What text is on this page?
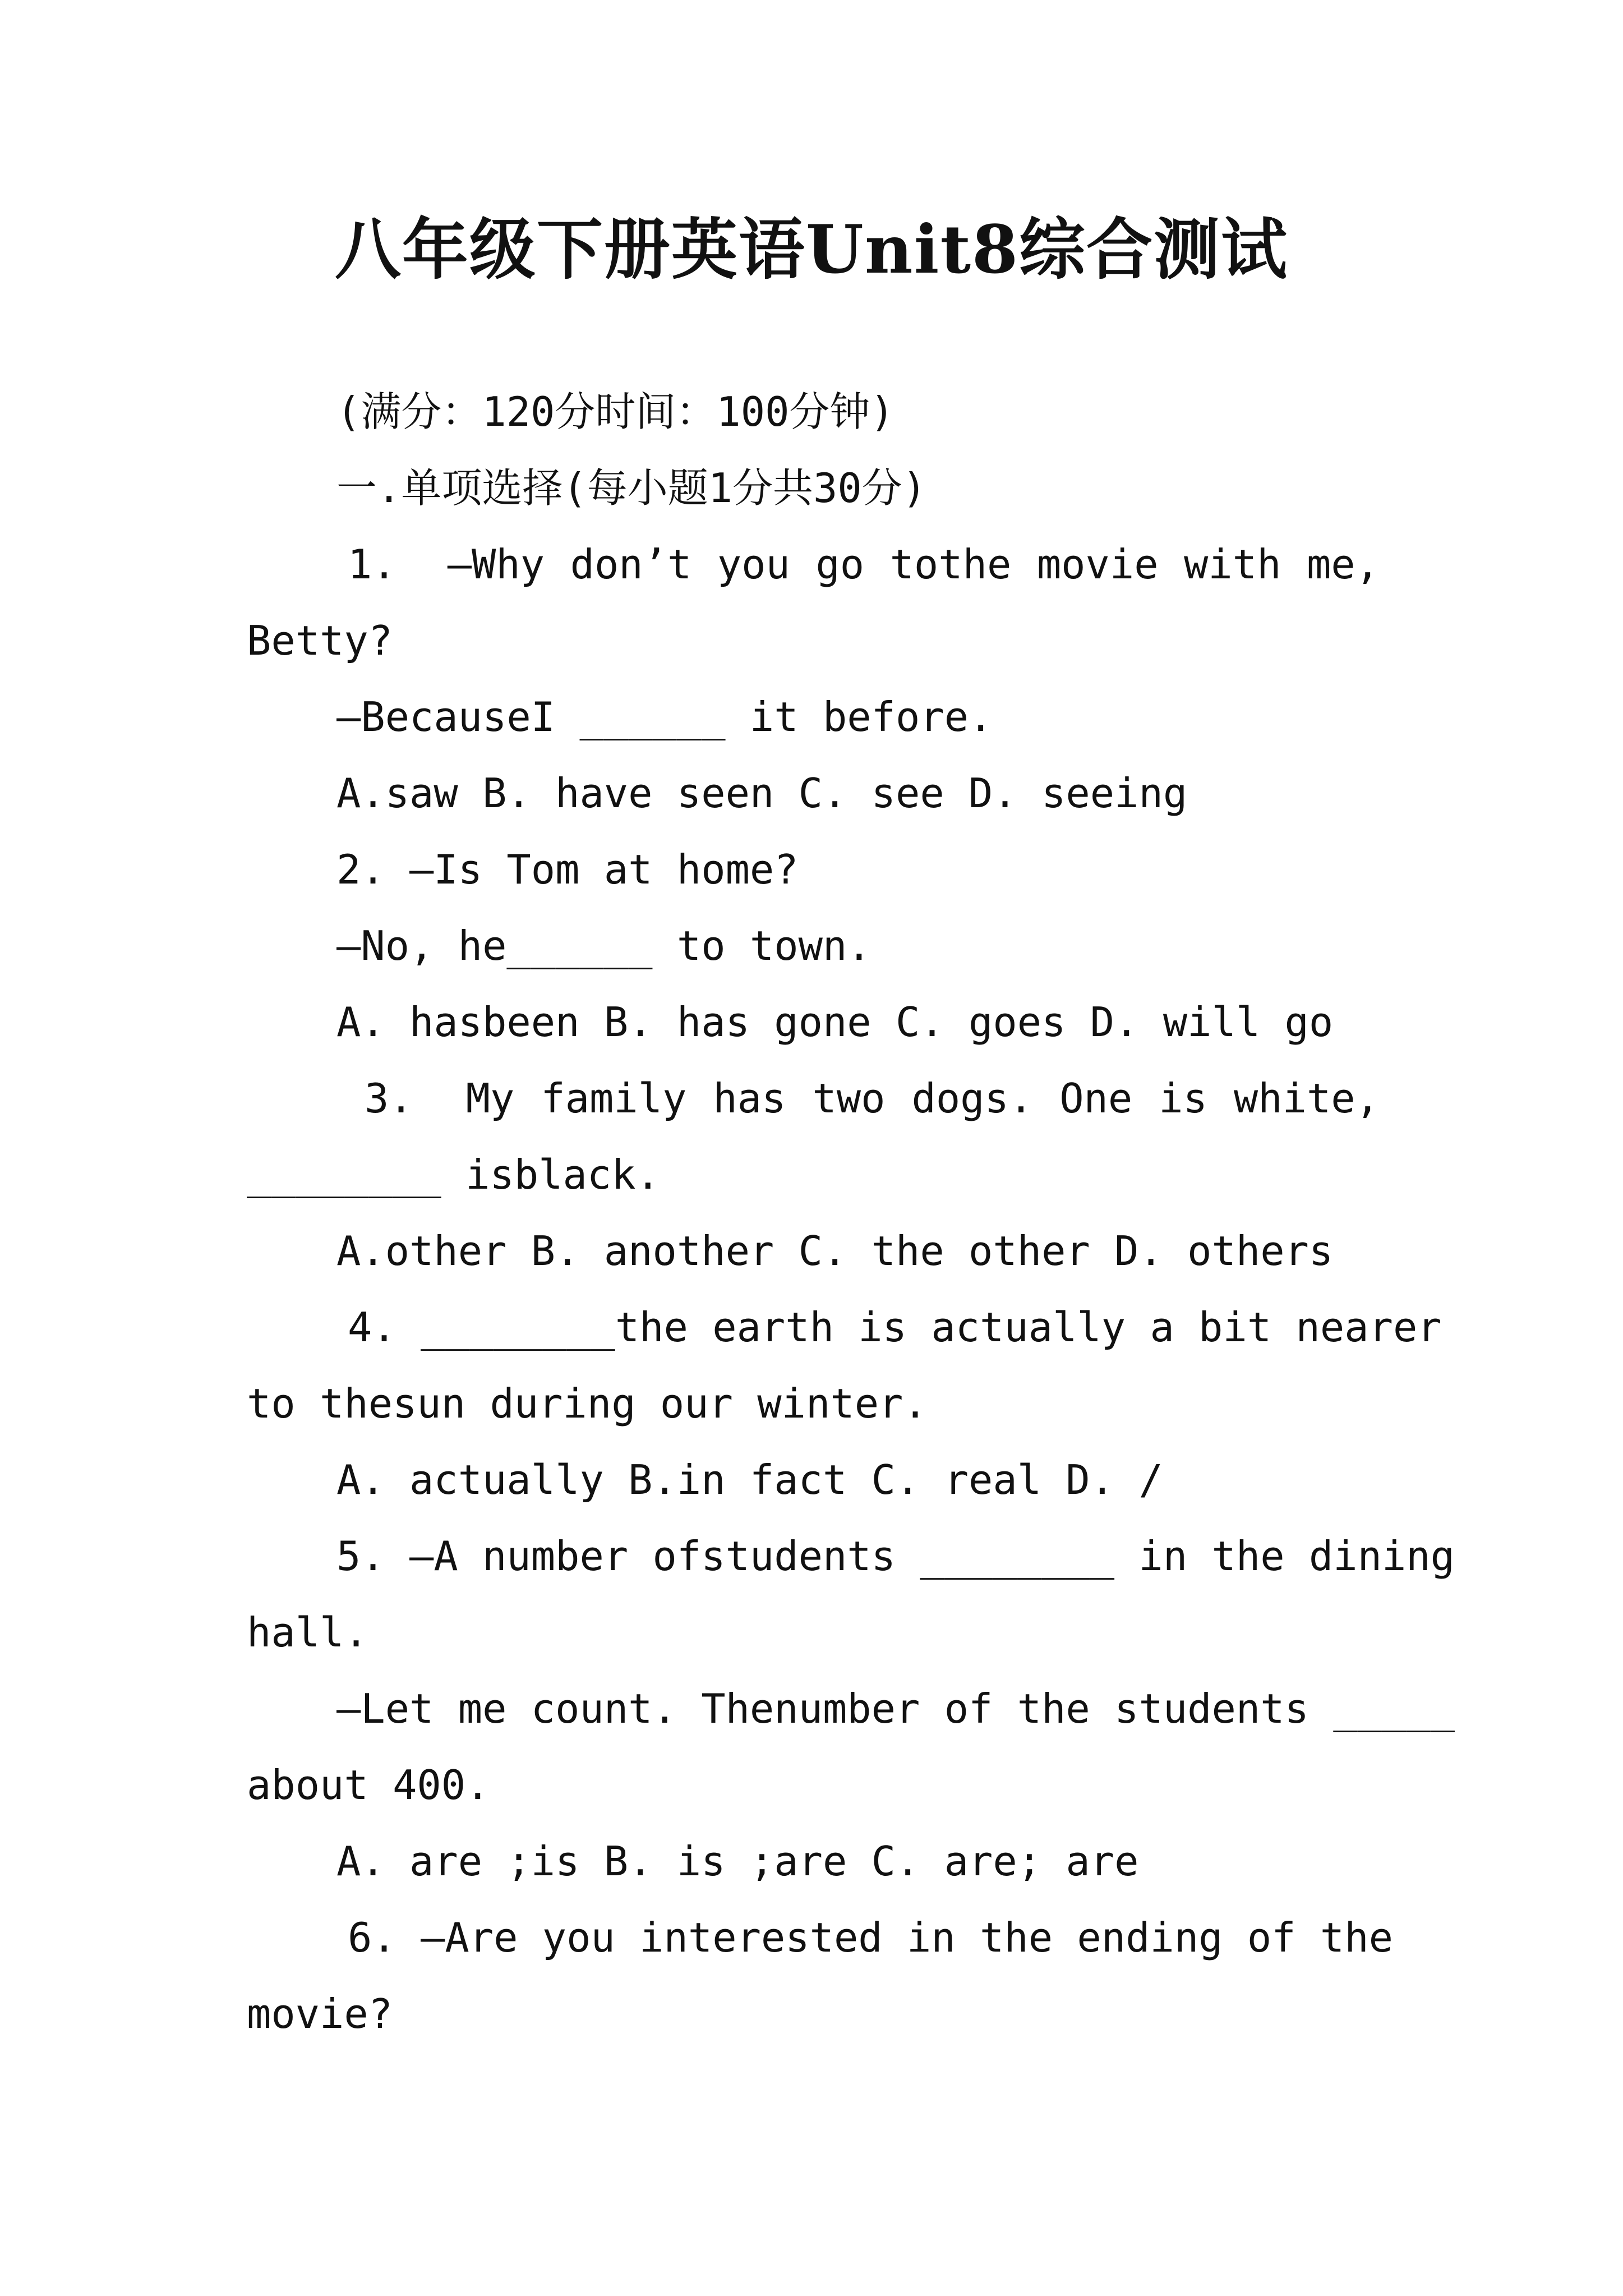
八年级下册英语Unit8综合测试
(满分：120分时间：100分钟)
一.单项选择(每小题1分共30分)
1.  —Why don’t you go tothe movie with me,
Betty?
—BecauseI ______ it before.
A.saw B. have seen C. see D. seeing
2. —Is Tom at home?
—No, he______ to town.
A. hasbeen B. has gone C. goes D. will go
3.  My family has two dogs. One is white,
________ isblack.
A.other B. another C. the other D. others
4. ________the earth is actually a bit nearer
to thesun during our winter.
A. actually B.in fact C. real D. /
5. —A number ofstudents ________ in the dining
hall.
—Let me count. Thenumber of the students _____
about 400.
A. are ;is B. is ;are C. are; are
6. —Are you interested in the ending of the
movie?
